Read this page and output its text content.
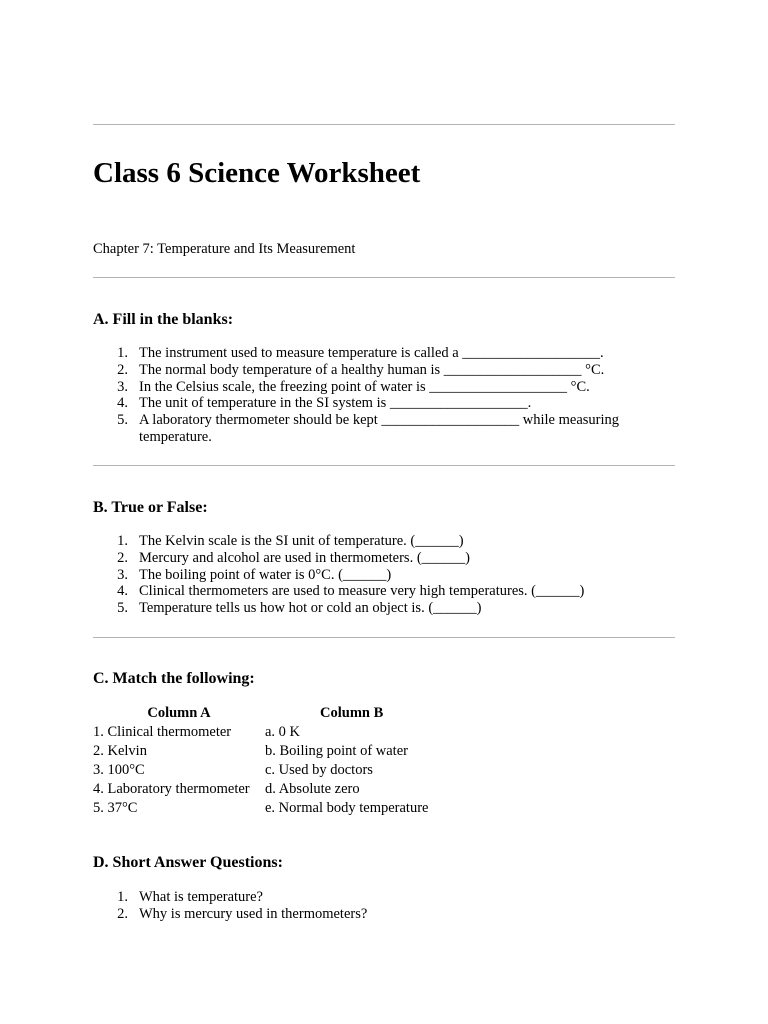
Class 6 Science Worksheet
Chapter 7: Temperature and Its Measurement
A. Fill in the blanks:
1. The instrument used to measure temperature is called a ___________________.
2. The normal body temperature of a healthy human is ___________________ °C.
3. In the Celsius scale, the freezing point of water is ___________________ °C.
4. The unit of temperature in the SI system is ___________________.
5. A laboratory thermometer should be kept ___________________ while measuring temperature.
B. True or False:
1. The Kelvin scale is the SI unit of temperature. (______)
2. Mercury and alcohol are used in thermometers. (______)
3. The boiling point of water is 0°C. (______)
4. Clinical thermometers are used to measure very high temperatures. (______)
5. Temperature tells us how hot or cold an object is. (______)
C. Match the following:
Column A	Column B
1. Clinical thermometer	a. 0 K
2. Kelvin	b. Boiling point of water
3. 100°C	c. Used by doctors
4. Laboratory thermometer	d. Absolute zero
5. 37°C	e. Normal body temperature
D. Short Answer Questions:
1. What is temperature?
2. Why is mercury used in thermometers?
